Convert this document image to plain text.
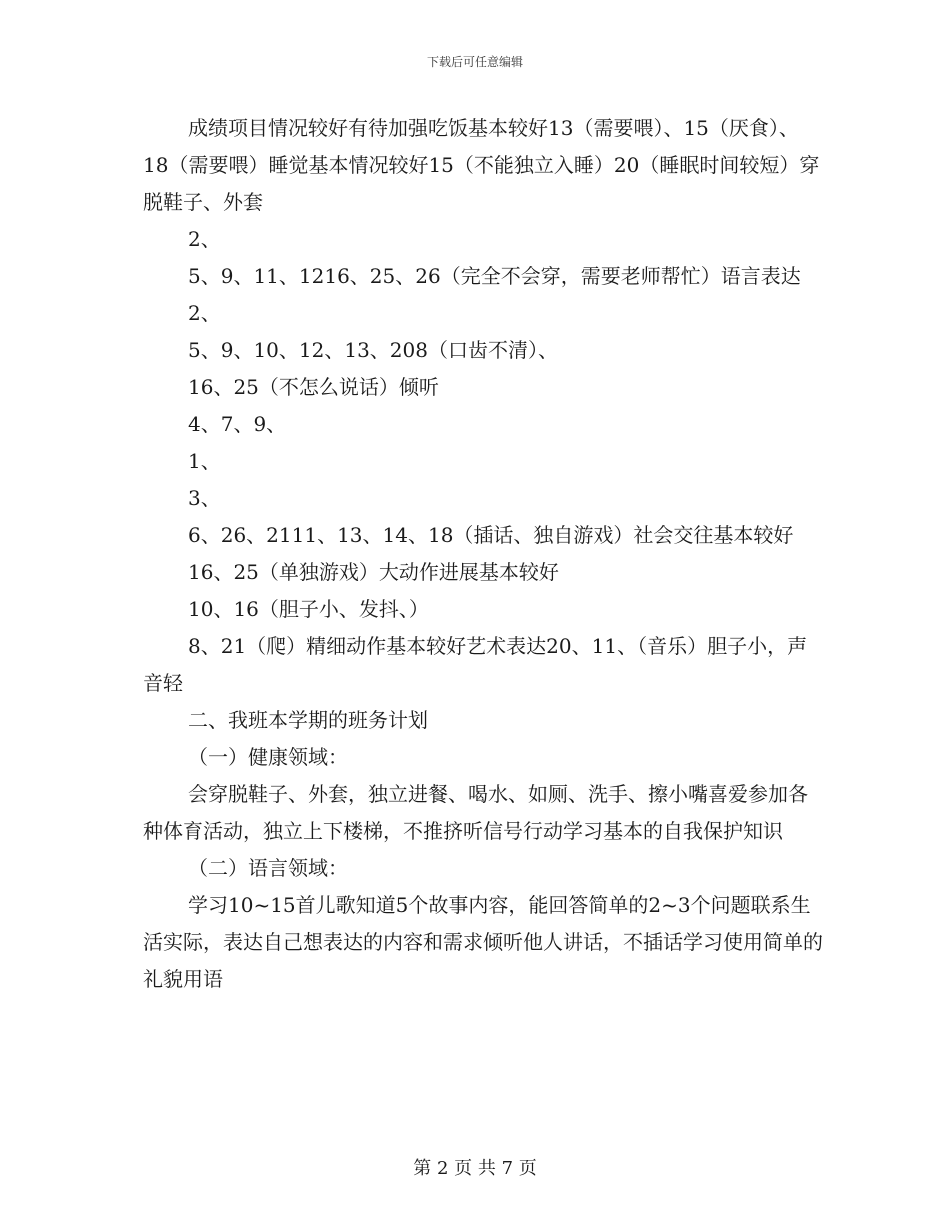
下载后可任意编辑

成绩项目情况较好有待加强吃饭基本较好13（需要喂）、15（厌食）、18（需要喂）睡觉基本情况较好15（不能独立入睡）20（睡眠时间较短）穿脱鞋子、外套

2、

5、9、11、1216、25、26（完全不会穿，需要老师帮忙）语言表达

2、

5、9、10、12、13、208（口齿不清）、

16、25（不怎么说话）倾听

4、7、9、

1、

3、

6、26、2111、13、14、18（插话、独自游戏）社会交往基本较好

16、25（单独游戏）大动作进展基本较好

10、16（胆子小、发抖、）

8、21（爬）精细动作基本较好艺术表达20、11、（音乐）胆子小，声音轻

二、我班本学期的班务计划

（一）健康领域：

会穿脱鞋子、外套，独立进餐、喝水、如厕、洗手、擦小嘴喜爱参加各种体育活动，独立上下楼梯，不推挤听信号行动学习基本的自我保护知识

（二）语言领域：

学习10~15首儿歌知道5个故事内容，能回答简单的2~3个问题联系生活实际，表达自己想表达的内容和需求倾听他人讲话，不插话学习使用简单的礼貌用语

第 2 页 共 7 页
